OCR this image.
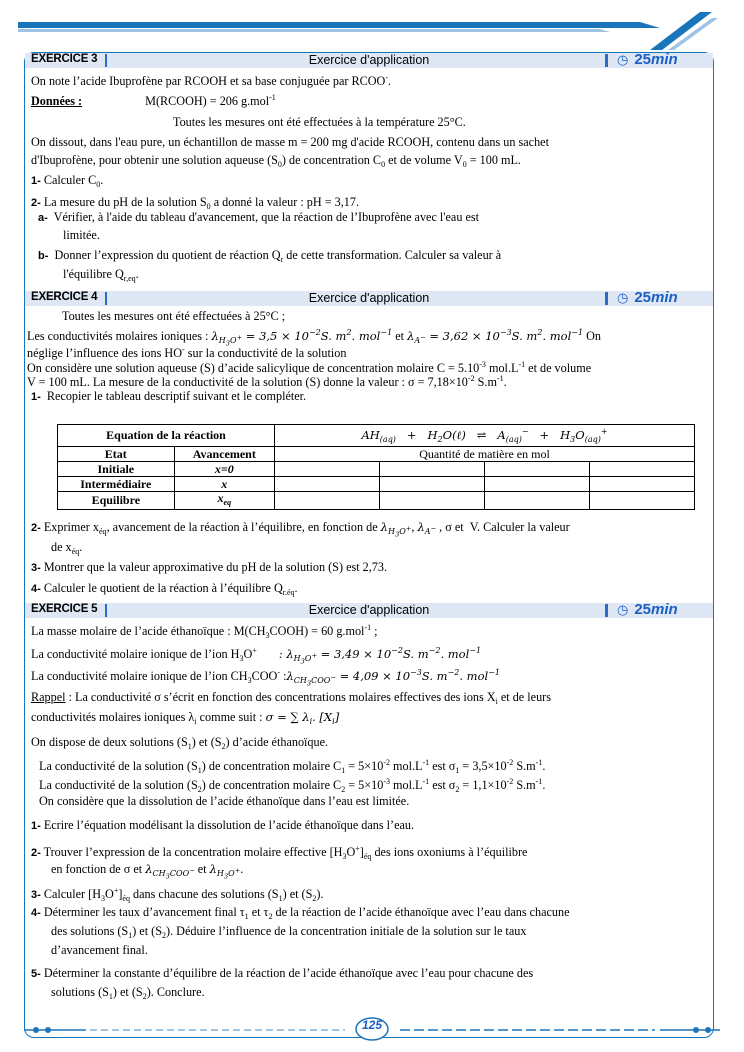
EXERCICE 3	Exercice d'application	◷ 25min
On note l’acide Ibuprofène par RCOOH et sa base conjuguée par RCOO-.
Données :	M(RCOOH) = 206 g.mol$^{-1}$
Toutes les mesures ont été effectuées à la température 25°C.
On dissout, dans l'eau pure, un échantillon de masse m = 200 mg d'acide RCOOH, contenu dans un sachet
d'Ibuprofène, pour obtenir une solution aqueuse $(S_0)$ de concentration $C_0$ et de volume $V_0 = 100$ mL.
1- Calculer $C_0$.
2- La mesure du pH de la solution $S_0$ a donné la valeur : pH = 3,17.
a- Vérifier, à l'aide du tableau d'avancement, que la réaction de l’Ibuprofène avec l'eau est
limitée.
b-  Donner l’expression du quotient de réaction $Q_r$ de cette transformation. Calculer sa valeur à
l'équilibre $Q_{r,eq}$.
EXERCICE 4	Exercice d'application	◷ 25min
Toutes les mesures ont été effectuées à 25°C ;
Les conductivités molaires ioniques : $\lambda_{H_3O^+} = 3,5 \times 10^{-2}S$. $m^2$. mol$^{-1}$ et $\lambda_{A^-} = 3,62 \times 10^{-3}S$. $m^2$. mol$^{-1}$ On
néglige l’influence des ions HO- sur la conductivité de la solution
On considère une solution aqueuse (S) d’acide salicylique de concentration molaire $C = 5.10^{-3}$ $mol.L^{-1}$ et de volume
V = 100 mL. La mesure de la conductivité de la solution (S) donne la valeur : $\sigma = 7,18\times 10^{-2}$ $S.m^{-1}$.
1- Recopier le tableau descriptif suivant et le compléter.
Equation de la réaction		$AH_{(aq)}$   +   $H_2O(\ell)$   ⇌   $A_{(aq)}^- + H_3O_{(aq)}^+$
Etat	Avancement	Quantité de matière en mol			
Initiale	x=0				
Intermédiaire	x				
Equilibre	$x_{eq}$				
2- Exprimer $x_{éq}$, avancement de la réaction à l’équilibre, en fonction de $\lambda_{H_3O^+}$, $\lambda_{A^-}$ , σ et  V. Calculer la valeur
de $x_{éq}$.
3- Montrer que la valeur approximative du pH de la solution (S) est 2,73.
4- Calculer le quotient de la réaction à l’équilibre $Q_{r.éq}$.
EXERCICE 5	Exercice d'application	◷ 25min
La masse molaire de l’acide éthanoïque : $M(CH_3COOH) = 60$ g.mol$^{-1}$ ;
La conductivité molaire ionique de l’ion $H_3O^+$ : $\lambda_{H_3O^+} = 3,49 \times 10^{-2}S$. $m^{-2}$. mol$^{-1}$
La conductivité molaire ionique de l’ion $CH_3COO^-$ $:\lambda_{CH_3COO^-} = 4,09 \times 10^{-3}S$. $m^{-2}$. mol$^{-1}$
Rappel : La conductivité σ s’écrit en fonction des concentrations molaires effectives des ions $X_i$ et de leurs
conductivités molaires ioniques $\lambda_i$ comme suit : σ = ∑ $\lambda_i$. $[X_i]$
On dispose de deux solutions $(S_1)$ et $(S_2)$ d’acide éthanoïque.
La conductivité de la solution $(S_1)$ de concentration molaire $C_1 = 5\times 10^{-2}$ $mol.L^{-1}$ est $\sigma_1 = 3,5\times 10^{-2}$ $S.m^{-1}$.
La conductivité de la solution $(S_2)$ de concentration molaire $C_2 = 5\times 10^{-3}$ $mol.L^{-1}$ est $\sigma_2 = 1,1\times 10^{-2}$ $S.m^{-1}$.
On considère que la dissolution de l’acide éthanoïque dans l’eau est limitée.
1- Ecrire l’équation modélisant la dissolution de l’acide éthanoïque dans l’eau.
2- Trouver l’expression de la concentration molaire effective $[H_3O^+]_{éq}$ des ions oxoniums à l’équilibre
en fonction de σ et $\lambda_{CH_3COO^-}$ et $\lambda_{H_3O^+}$.
3- Calculer $[H_3O^+]_{éq}$ dans chacune des solutions $(S_1)$ et $(S_2)$.
4- Déterminer les taux d’avancement final $\tau_1$ et $\tau_2$ de la réaction de l’acide éthanoïque avec l’eau dans chacune
des solutions $(S_1)$ et $(S_2)$. Déduire l’influence de la concentration initiale de la solution sur le taux
d’avancement final.
5- Déterminer la constante d’équilibre de la réaction de l’acide éthanoïque avec l’eau pour chacune des
solutions $(S_1)$ et $(S_2)$. Conclure.
125
